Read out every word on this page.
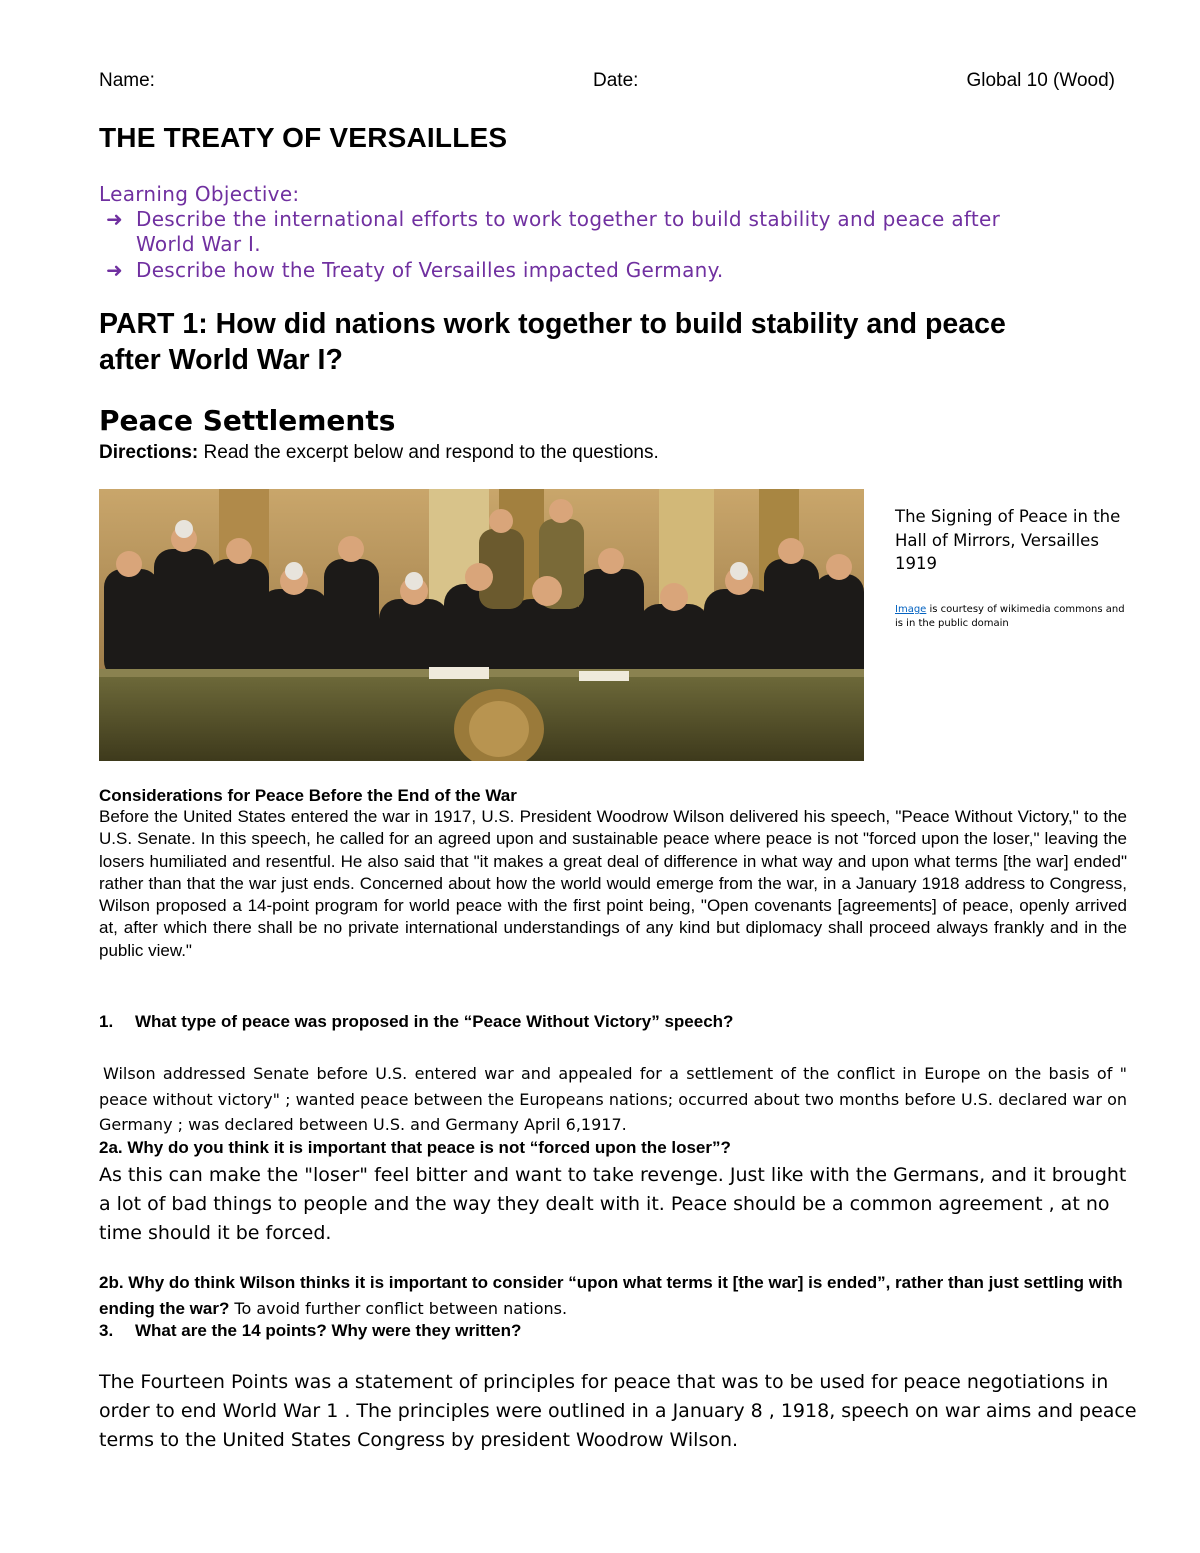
Name:	Date:	Global 10 (Wood)
THE TREATY OF VERSAILLES
Learning Objective:
➜ Describe the international efforts to work together to build stability and peace after
World War I.
➜ Describe how the Treaty of Versailles impacted Germany.
PART 1: How did nations work together to build stability and peace
after World War I?
Peace Settlements
Directions: Read the excerpt below and respond to the questions.
The Signing of Peace in the
Hall of Mirrors, Versailles
1919
Image is courtesy of wikimedia commons and
is in the public domain
Considerations for Peace Before the End of the War
Before the United States entered the war in 1917, U.S. President Woodrow Wilson delivered his speech, "Peace Without Victory," to the U.S. Senate. In this speech, he called for an agreed upon and sustainable peace where peace is not "forced upon the loser," leaving the losers humiliated and resentful. He also said that "it makes a great deal of difference in what way and upon what terms [the war] ended" rather than that the war just ends. Concerned about how the world would emerge from the war, in a January 1918 address to Congress, Wilson proposed a 14-point program for world peace with the first point being, "Open covenants [agreements] of peace, openly arrived at, after which there shall be no private international understandings of any kind but diplomacy shall proceed always frankly and in the public view."
1. What type of peace was proposed in the “Peace Without Victory” speech?
Wilson addressed Senate before U.S. entered war and appealed for a settlement of the conflict in Europe on the basis of " peace without victory" ; wanted peace between the Europeans nations; occurred about two months before U.S. declared war on Germany ; was declared between U.S. and Germany April 6,1917.
2a. Why do you think it is important that peace is not “forced upon the loser”?
As this can make the "loser" feel bitter and want to take revenge. Just like with the Germans, and it brought a lot of bad things to people and the way they dealt with it. Peace should be a common agreement , at no time should it be forced.
2b. Why do think Wilson thinks it is important to consider “upon what terms it [the war] is ended”, rather than just settling with ending the war? To avoid further conflict between nations.
3. What are the 14 points? Why were they written?
The Fourteen Points was a statement of principles for peace that was to be used for peace negotiations in order to end World War 1 . The principles were outlined in a January 8 , 1918, speech on war aims and peace terms to the United States Congress by president Woodrow Wilson.
